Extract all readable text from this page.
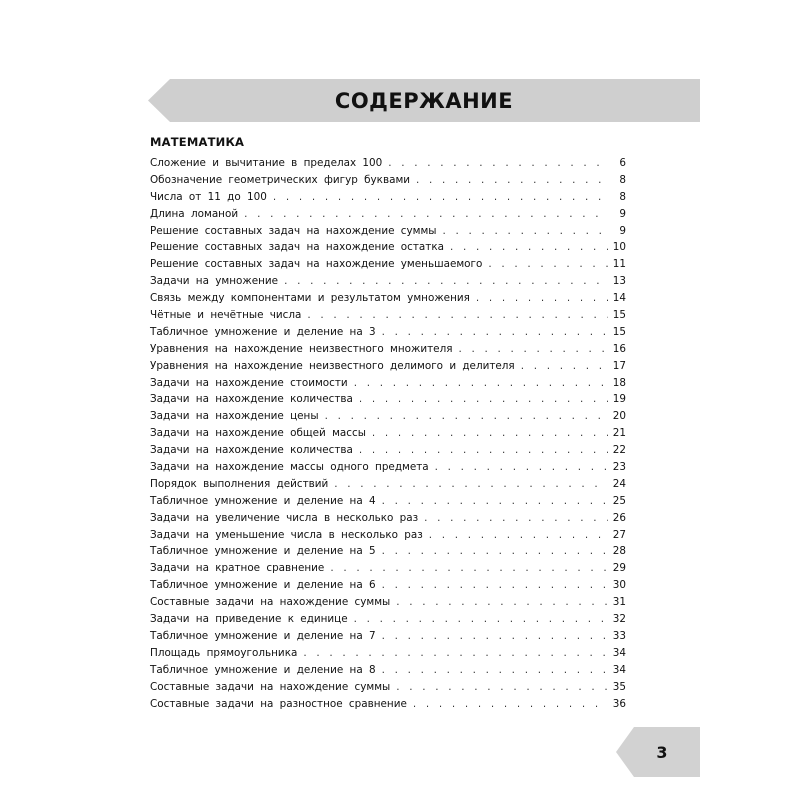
СОДЕРЖАНИЕ
МАТЕМАТИКА
Сложение и вычитание в пределах 100 . . .	6
Обозначение геометрических фигур буквами . . .	8
Числа от 11 до 100 . . .	8
Длина ломаной . . .	9
Решение составных задач на нахождение суммы . . .	9
Решение составных задач на нахождение остатка . . .	10
Решение составных задач на нахождение уменьшаемого . . .	11
Задачи на умножение . . .	13
Связь между компонентами и результатом умножения . . .	14
Чётные и нечётные числа . . .	15
Табличное умножение и деление на 3 . . .	15
Уравнения на нахождение неизвестного множителя . . .	16
Уравнения на нахождение неизвестного делимого и делителя . . .	17
Задачи на нахождение стоимости . . .	18
Задачи на нахождение количества . . .	19
Задачи на нахождение цены . . .	20
Задачи на нахождение общей массы . . .	21
Задачи на нахождение количества . . .	22
Задачи на нахождение массы одного предмета . . .	23
Порядок выполнения действий . . .	24
Табличное умножение и деление на 4 . . .	25
Задачи на увеличение числа в несколько раз . . .	26
Задачи на уменьшение числа в несколько раз . . .	27
Табличное умножение и деление на 5 . . .	28
Задачи на кратное сравнение . . .	29
Табличное умножение и деление на 6 . . .	30
Составные задачи на нахождение суммы . . .	31
Задачи на приведение к единице . . .	32
Табличное умножение и деление на 7 . . .	33
Площадь прямоугольника . . .	34
Табличное умножение и деление на 8 . . .	34
Составные задачи на нахождение суммы . . .	35
Составные задачи на разностное сравнение . . .	36
3
